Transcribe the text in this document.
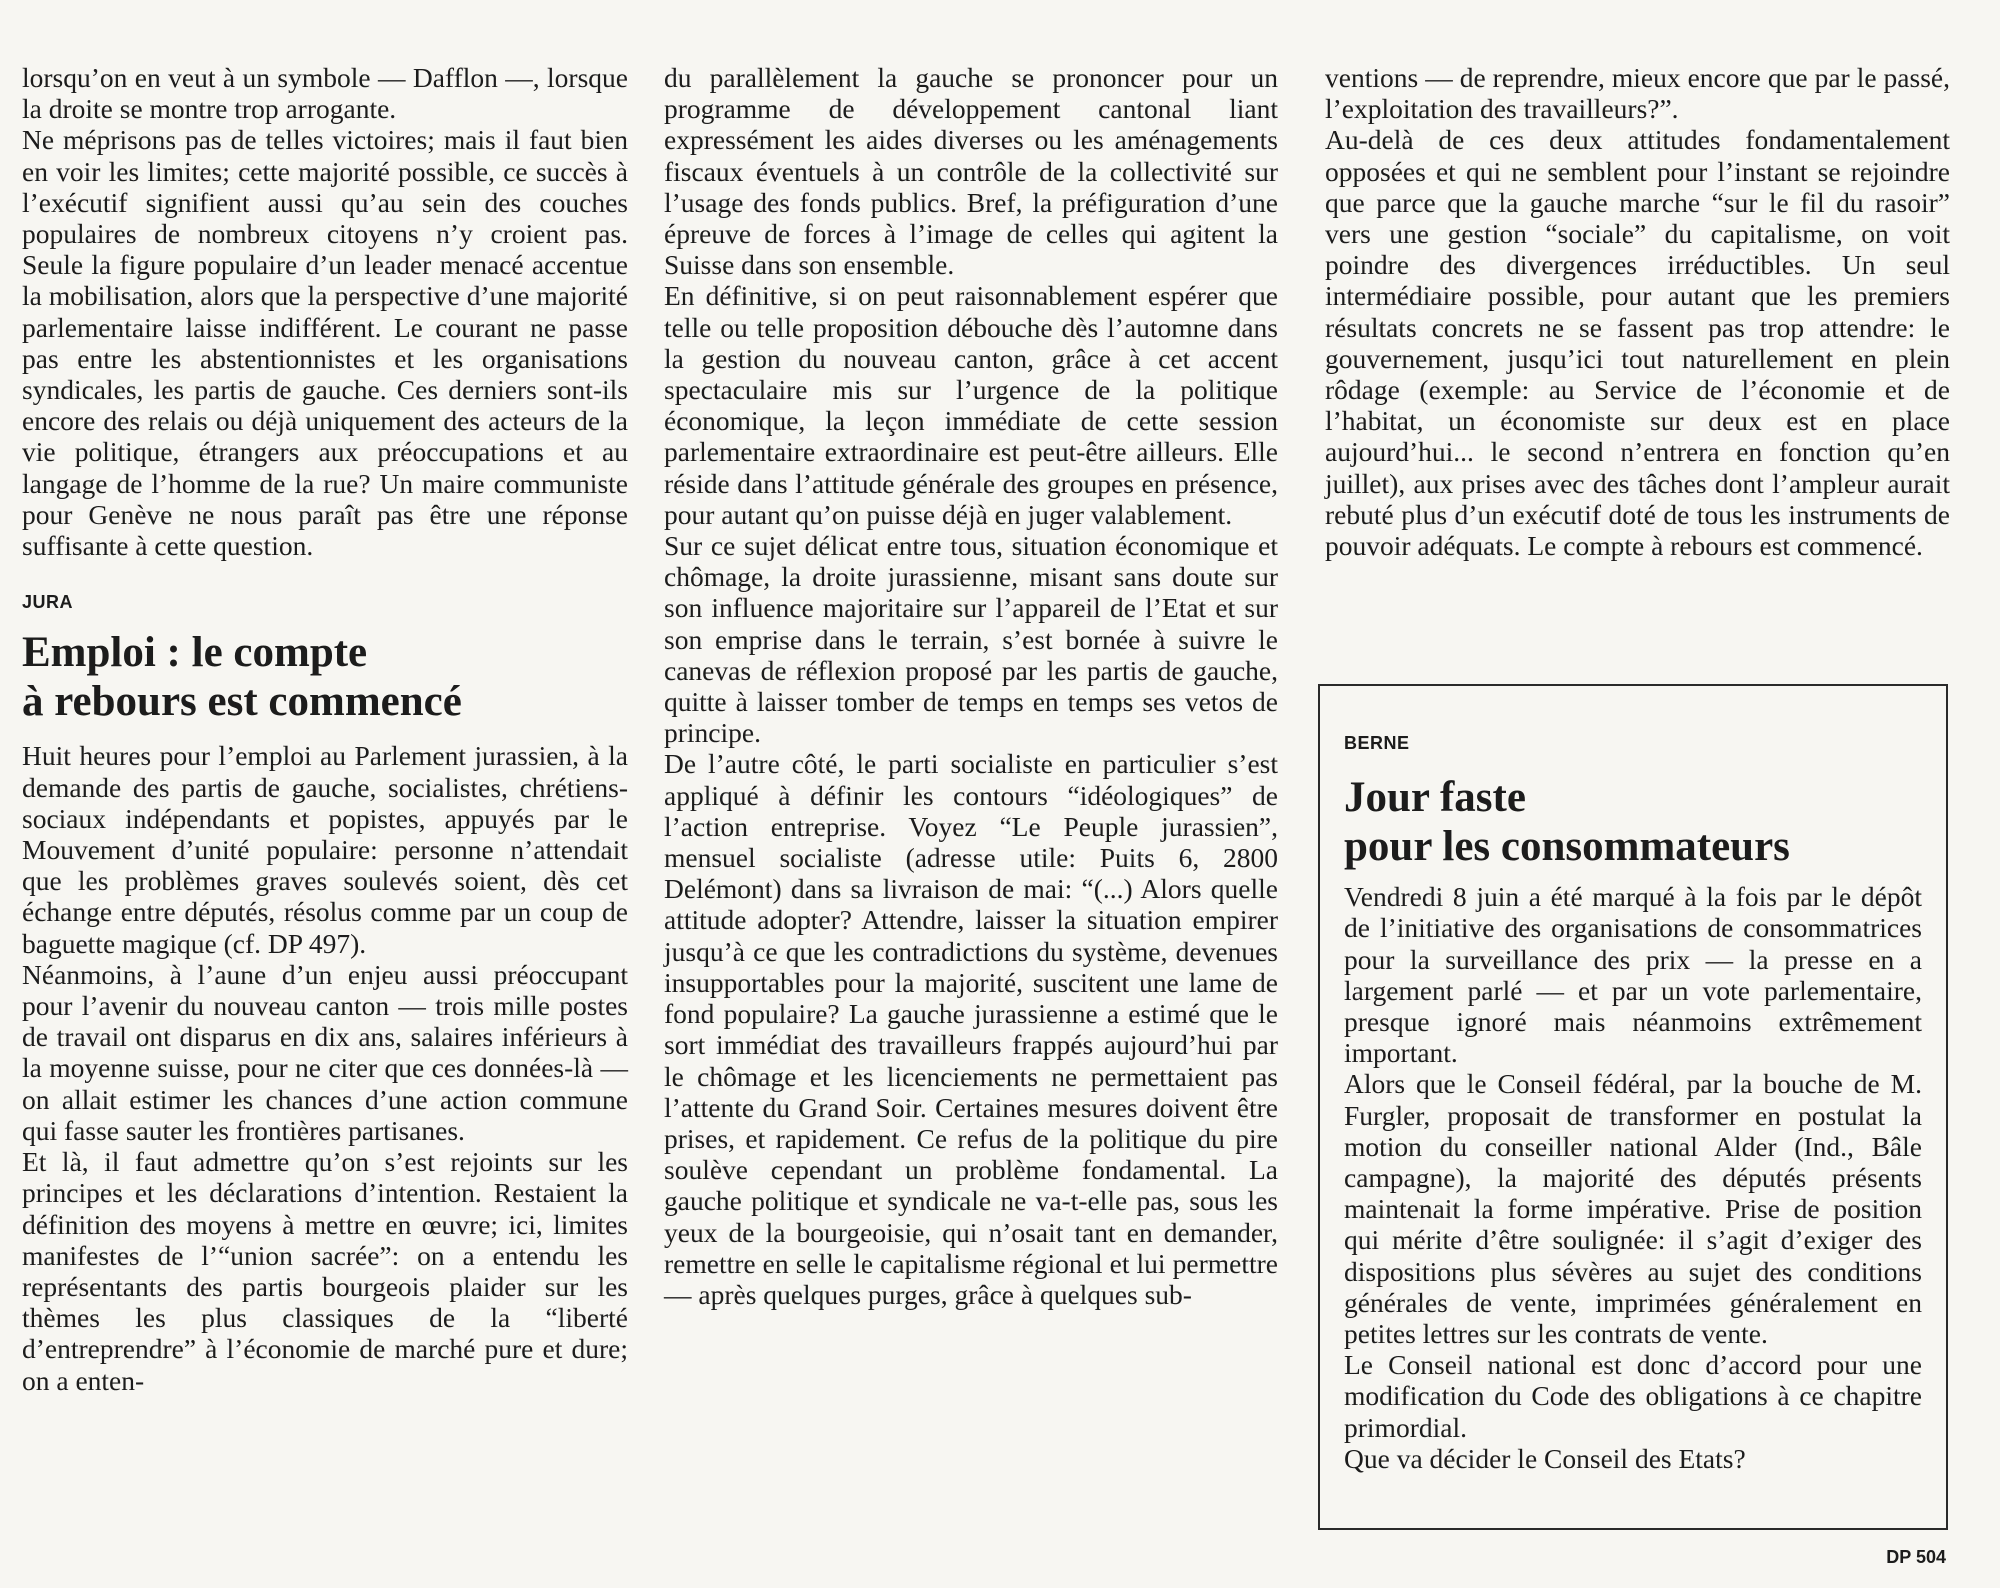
lorsqu’on en veut à un symbole — Dafflon —, lorsque la droite se montre trop arrogante.

Ne méprisons pas de telles victoires; mais il faut bien en voir les limites; cette majorité possible, ce succès à l’exécutif signifient aussi qu’au sein des couches populaires de nombreux citoyens n’y croient pas. Seule la figure populaire d’un leader menacé accentue la mobilisation, alors que la perspective d’une majorité parlementaire laisse indifférent. Le courant ne passe pas entre les abstentionnistes et les organisations syndicales, les partis de gauche. Ces derniers sont-ils encore des relais ou déjà uniquement des acteurs de la vie politique, étrangers aux préoccupations et au langage de l’homme de la rue? Un maire communiste pour Genève ne nous paraît pas être une réponse suffisante à cette question.

JURA
Emploi : le compte
à rebours est commencé

Huit heures pour l’emploi au Parlement jurassien, à la demande des partis de gauche, socialistes, chrétiens-sociaux indépendants et popistes, appuyés par le Mouvement d’unité populaire: personne n’attendait que les problèmes graves soulevés soient, dès cet échange entre députés, résolus comme par un coup de baguette magique (cf. DP 497).

Néanmoins, à l’aune d’un enjeu aussi préoccupant pour l’avenir du nouveau canton — trois mille postes de travail ont disparus en dix ans, salaires inférieurs à la moyenne suisse, pour ne citer que ces données-là — on allait estimer les chances d’une action commune qui fasse sauter les frontières partisanes.

Et là, il faut admettre qu’on s’est rejoints sur les principes et les déclarations d’intention. Restaient la définition des moyens à mettre en œuvre; ici, limites manifestes de l’“union sacrée”: on a entendu les représentants des partis bourgeois plaider sur les thèmes les plus classiques de la “liberté d’entreprendre” à l’économie de marché pure et dure; on a enten-

du parallèlement la gauche se prononcer pour un programme de développement cantonal liant expressément les aides diverses ou les aménagements fiscaux éventuels à un contrôle de la collectivité sur l’usage des fonds publics. Bref, la préfiguration d’une épreuve de forces à l’image de celles qui agitent la Suisse dans son ensemble.

En définitive, si on peut raisonnablement espérer que telle ou telle proposition débouche dès l’automne dans la gestion du nouveau canton, grâce à cet accent spectaculaire mis sur l’urgence de la politique économique, la leçon immédiate de cette session parlementaire extraordinaire est peut-être ailleurs. Elle réside dans l’attitude générale des groupes en présence, pour autant qu’on puisse déjà en juger valablement.

Sur ce sujet délicat entre tous, situation économique et chômage, la droite jurassienne, misant sans doute sur son influence majoritaire sur l’appareil de l’Etat et sur son emprise dans le terrain, s’est bornée à suivre le canevas de réflexion proposé par les partis de gauche, quitte à laisser tomber de temps en temps ses vetos de principe.

De l’autre côté, le parti socialiste en particulier s’est appliqué à définir les contours “idéologiques” de l’action entreprise. Voyez “Le Peuple jurassien”, mensuel socialiste (adresse utile: Puits 6, 2800 Delémont) dans sa livraison de mai: “(...) Alors quelle attitude adopter? Attendre, laisser la situation empirer jusqu’à ce que les contradictions du système, devenues insupportables pour la majorité, suscitent une lame de fond populaire? La gauche jurassienne a estimé que le sort immédiat des travailleurs frappés aujourd’hui par le chômage et les licenciements ne permettaient pas l’attente du Grand Soir. Certaines mesures doivent être prises, et rapidement. Ce refus de la politique du pire soulève cependant un problème fondamental. La gauche politique et syndicale ne va-t-elle pas, sous les yeux de la bourgeoisie, qui n’osait tant en demander, remettre en selle le capitalisme régional et lui permettre — après quelques purges, grâce à quelques sub-

ventions — de reprendre, mieux encore que par le passé, l’exploitation des travailleurs?”.

Au-delà de ces deux attitudes fondamentalement opposées et qui ne semblent pour l’instant se rejoindre que parce que la gauche marche “sur le fil du rasoir” vers une gestion “sociale” du capitalisme, on voit poindre des divergences irréductibles. Un seul intermédiaire possible, pour autant que les premiers résultats concrets ne se fassent pas trop attendre: le gouvernement, jusqu’ici tout naturellement en plein rôdage (exemple: au Service de l’économie et de l’habitat, un économiste sur deux est en place aujourd’hui... le second n’entrera en fonction qu’en juillet), aux prises avec des tâches dont l’ampleur aurait rebuté plus d’un exécutif doté de tous les instruments de pouvoir adéquats. Le compte à rebours est commencé.

BERNE
Jour faste
pour les consommateurs

Vendredi 8 juin a été marqué à la fois par le dépôt de l’initiative des organisations de consommatrices pour la surveillance des prix — la presse en a largement parlé — et par un vote parlementaire, presque ignoré mais néanmoins extrêmement important.

Alors que le Conseil fédéral, par la bouche de M. Furgler, proposait de transformer en postulat la motion du conseiller national Alder (Ind., Bâle campagne), la majorité des députés présents maintenait la forme impérative. Prise de position qui mérite d’être soulignée: il s’agit d’exiger des dispositions plus sévères au sujet des conditions générales de vente, imprimées généralement en petites lettres sur les contrats de vente.

Le Conseil national est donc d’accord pour une modification du Code des obligations à ce chapitre primordial.

Que va décider le Conseil des Etats?

DP 504
